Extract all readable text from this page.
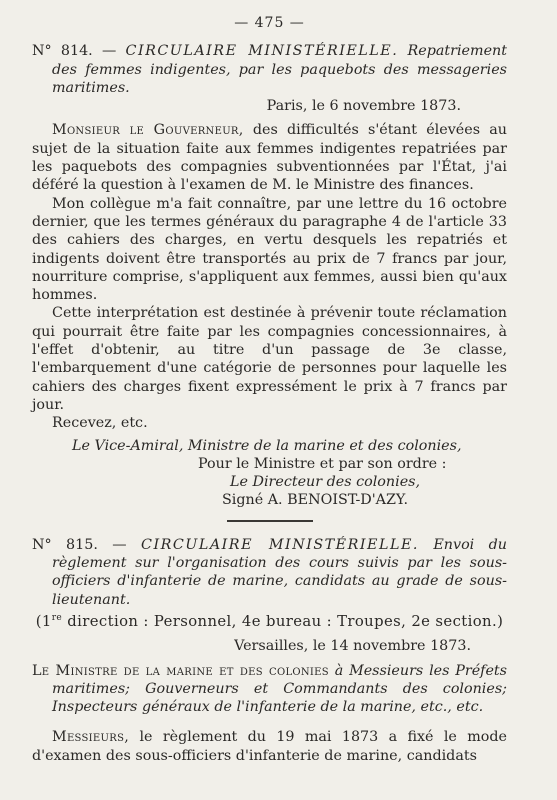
— 475 —

N° 814. — CIRCULAIRE MINISTÉRIELLE. Repatriement des femmes indigentes, par les paquebots des messageries maritimes.

Paris, le 6 novembre 1873.

Monsieur le Gouverneur, des difficultés s'étant élevées au sujet de la situation faite aux femmes indigentes repatriées par les paquebots des compagnies subventionnées par l'État, j'ai déféré la question à l'examen de M. le Ministre des finances.

Mon collègue m'a fait connaître, par une lettre du 16 octobre dernier, que les termes généraux du paragraphe 4 de l'article 33 des cahiers des charges, en vertu desquels les repatriés et indigents doivent être transportés au prix de 7 francs par jour, nourriture comprise, s'appliquent aux femmes, aussi bien qu'aux hommes.

Cette interprétation est destinée à prévenir toute réclamation qui pourrait être faite par les compagnies concessionnaires, à l'effet d'obtenir, au titre d'un passage de 3e classe, l'embarquement d'une catégorie de personnes pour laquelle les cahiers des charges fixent expressément le prix à 7 francs par jour.

Recevez, etc.

Le Vice-Amiral, Ministre de la marine et des colonies,

Pour le Ministre et par son ordre :

Le Directeur des colonies,

Signé A. BENOIST-D'AZY.

N° 815. — CIRCULAIRE MINISTÉRIELLE. Envoi du règlement sur l'organisation des cours suivis par les sous-officiers d'infanterie de marine, candidats au grade de sous-lieutenant.

(1re direction : Personnel, 4e bureau : Troupes, 2e section.)

Versailles, le 14 novembre 1873.

Le Ministre de la marine et des colonies à Messieurs les Préfets maritimes; Gouverneurs et Commandants des colonies; Inspecteurs généraux de l'infanterie de la marine, etc., etc.

Messieurs, le règlement du 19 mai 1873 a fixé le mode d'examen des sous-officiers d'infanterie de marine, candidats
